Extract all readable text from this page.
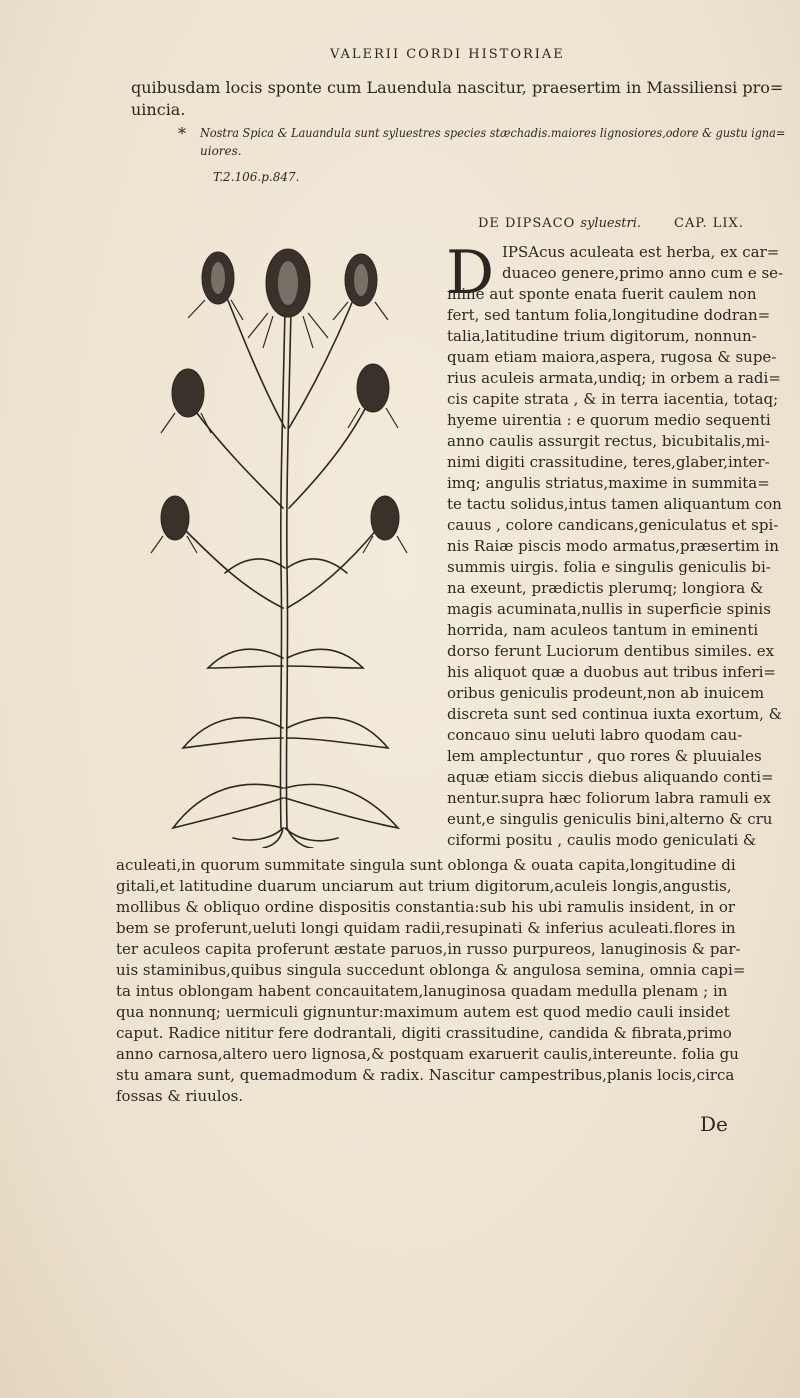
VALERII CORDI HISTORIAE
quibusdam locis sponte cum Lauendula nascitur, praesertim in Massiliensi pro=
uincia.
* Nostra Spica & Lauandula sunt syluestres species stæchadis.maiores lignosiores,odore & gustu igna=
uiores.
T.2.106.p.847.
DE DIPSACO syluestri.	CAP. LIX.
D IPSAcus aculeata est herba, ex car=
duaceo genere,primo anno cum e se-
mine aut sponte enata fuerit caulem non
fert, sed tantum folia,longitudine dodran=
talia,latitudine trium digitorum, nonnun-
quam etiam maiora,aspera, rugosa & supe-
rius aculeis armata,undiq; in orbem a radi=
cis capite strata , & in terra iacentia, totaq;
hyeme uirentia : e quorum medio sequenti
anno caulis assurgit rectus, bicubitalis,mi-
nimi digiti crassitudine, teres,glaber,inter-
imq; angulis striatus,maxime in summita=
te tactu solidus,intus tamen aliquantum con
cauus , colore candicans,geniculatus et spi-
nis Raiæ piscis modo armatus,præsertim in
summis uirgis. folia e singulis geniculis bi-
na exeunt, prædictis plerumq; longiora &
magis acuminata,nullis in superficie spinis
horrida, nam aculeos tantum in eminenti
dorso ferunt Luciorum dentibus similes. ex
his aliquot quæ a duobus aut tribus inferi=
oribus geniculis prodeunt,non ab inuicem
discreta sunt sed continua iuxta exortum, &
concauo sinu ueluti labro quodam cau-
lem amplectuntur , quo rores & pluuiales
aquæ etiam siccis diebus aliquando conti=
nentur.supra hæc foliorum labra ramuli ex
eunt,e singulis geniculis bini,alterno & cru
ciformi positu , caulis modo geniculati &
aculeati,in quorum summitate singula sunt oblonga & ouata capita,longitudine di
gitali,et latitudine duarum unciarum aut trium digitorum,aculeis longis,angustis,
mollibus & obliquo ordine dispositis constantia:sub his ubi ramulis insident, in or
bem se proferunt,ueluti longi quidam radii,resupinati & inferius aculeati.flores in
ter aculeos capita proferunt æstate paruos,in russo purpureos, lanuginosis & par-
uis staminibus,quibus singula succedunt oblonga & angulosa semina, omnia capi=
ta intus oblongam habent concauitatem,lanuginosa quadam medulla plenam ; in
qua nonnunq; uermiculi gignuntur:maximum autem est quod medio cauli insidet
caput. Radice nititur fere dodrantali, digiti crassitudine, candida & fibrata,primo
anno carnosa,altero uero lignosa,& postquam exaruerit caulis,intereunte. folia gu
stu amara sunt, quemadmodum & radix. Nascitur campestribus,planis locis,circa
fossas & riuulos.
De
